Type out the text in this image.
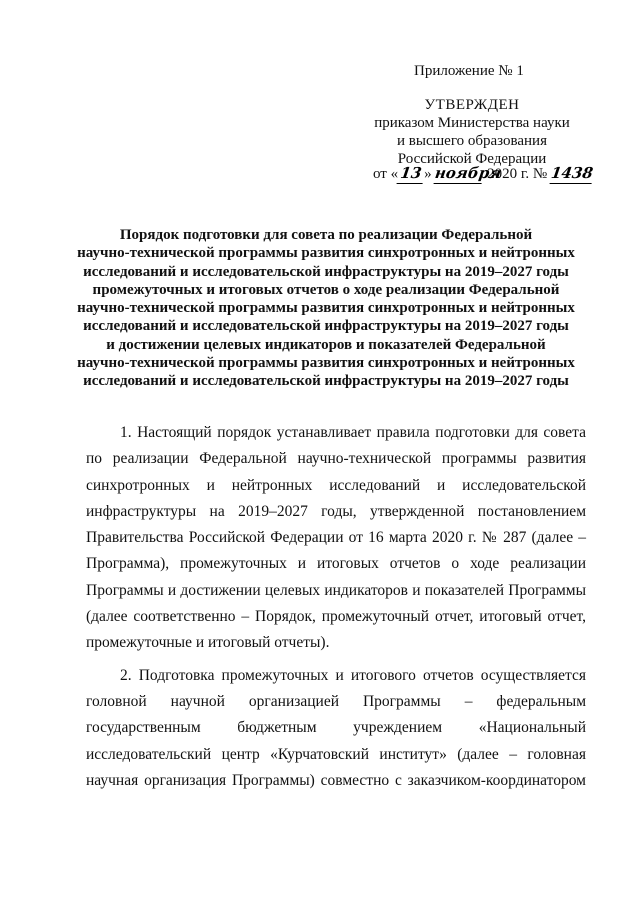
Приложение № 1
УТВЕРЖДЕН
приказом Министерства науки
и высшего образования
Российской Федерации
от «13» ноября 2020 г. № 1438
Порядок подготовки для совета по реализации Федеральной
научно-технической программы развития синхротронных и нейтронных
исследований и исследовательской инфраструктуры на 2019–2027 годы
промежуточных и итоговых отчетов о ходе реализации Федеральной
научно-технической программы развития синхротронных и нейтронных
исследований и исследовательской инфраструктуры на 2019–2027 годы
и достижении целевых индикаторов и показателей Федеральной
научно-технической программы развития синхротронных и нейтронных
исследований и исследовательской инфраструктуры на 2019–2027 годы

1. Настоящий порядок устанавливает правила подготовки для совета по реализации Федеральной научно-технической программы развития синхротронных и нейтронных исследований и исследовательской инфраструктуры на 2019–2027 годы, утвержденной постановлением Правительства Российской Федерации от 16 марта 2020 г. № 287 (далее – Программа), промежуточных и итоговых отчетов о ходе реализации Программы и достижении целевых индикаторов и показателей Программы (далее соответственно – Порядок, промежуточный отчет, итоговый отчет, промежуточные и итоговый отчеты).

2. Подготовка промежуточных и итогового отчетов осуществляется головной научной организацией Программы – федеральным государственным бюджетным учреждением «Национальный исследовательский центр «Курчатовский институт» (далее – головная научная организация Программы) совместно с заказчиком-координатором
